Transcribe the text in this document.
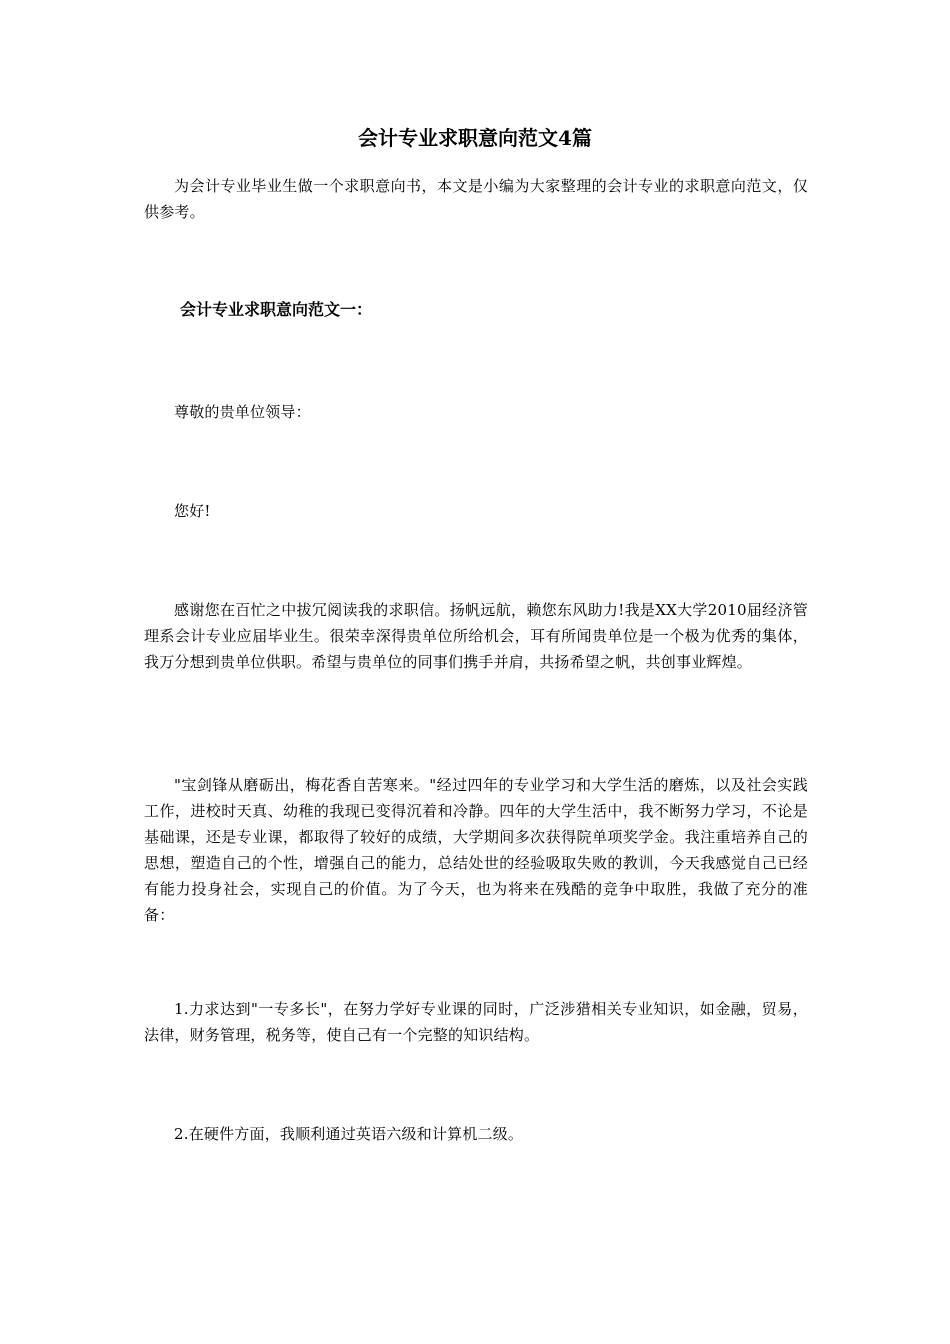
会计专业求职意向范文4篇

为会计专业毕业生做一个求职意向书，本文是小编为大家整理的会计专业的求职意向范文，仅供参考。

会计专业求职意向范文一：

尊敬的贵单位领导：

您好!

感谢您在百忙之中拔冗阅读我的求职信。扬帆远航，赖您东风助力!我是XX大学2010届经济管理系会计专业应届毕业生。很荣幸深得贵单位所给机会，耳有所闻贵单位是一个极为优秀的集体，我万分想到贵单位供职。希望与贵单位的同事们携手并肩，共扬希望之帆，共创事业辉煌。

"宝剑锋从磨砺出，梅花香自苦寒来。"经过四年的专业学习和大学生活的磨炼，以及社会实践工作，进校时天真、幼稚的我现已变得沉着和冷静。四年的大学生活中，我不断努力学习，不论是基础课，还是专业课，都取得了较好的成绩，大学期间多次获得院单项奖学金。我注重培养自己的思想，塑造自己的个性，增强自己的能力，总结处世的经验吸取失败的教训，今天我感觉自己已经有能力投身社会，实现自己的价值。为了今天，也为将来在残酷的竞争中取胜，我做了充分的准备：

1.力求达到"一专多长"，在努力学好专业课的同时，广泛涉猎相关专业知识，如金融，贸易，法律，财务管理，税务等，使自己有一个完整的知识结构。

2.在硬件方面，我顺利通过英语六级和计算机二级。
